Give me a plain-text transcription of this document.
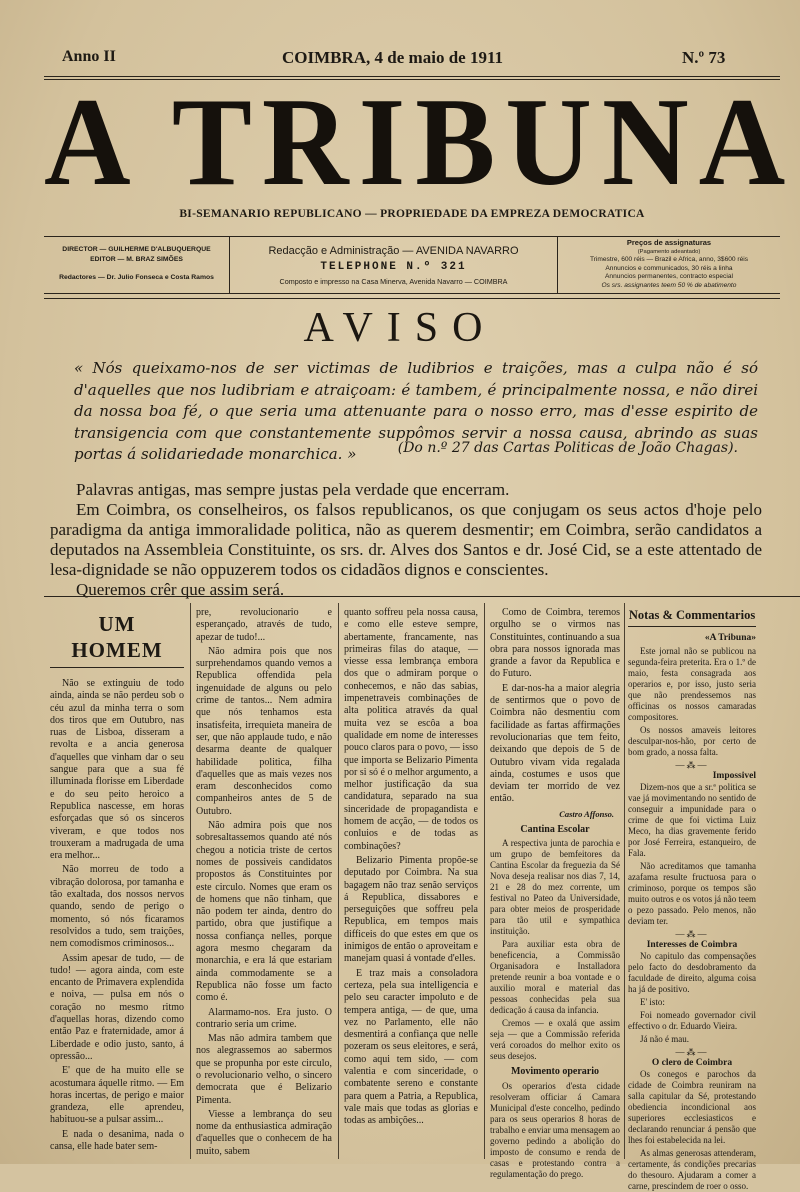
Anno II	COIMBRA, 4 de maio de 1911	N.º 73
A TRIBUNA
BI-SEMANARIO REPUBLICANO — PROPRIEDADE DA EMPREZA DEMOCRATICA
DIRECTOR — GUILHERME D'ALBUQUERQUE
EDITOR — M. BRAZ SIMÕES
Redactores — Dr. Julio Fonseca e Costa Ramos
Redacção e Administração — AVENIDA NAVARRO
TELEPHONE N.º 321
Composto e impresso na Casa Minerva, Avenida Navarro — COIMBRA
Preços de assignaturas
(Pagamento adeantado)
Trimestre, 600 réis — Brazil e Africa, anno, 3$600 réis
Annuncios e communicados, 30 réis a linha
Annuncios permanentes, contracto especial
Os srs. assignantes teem 50 % de abatimento
AVISO
« Nós queixamo-nos de ser victimas de ludibrios e traições, mas a culpa não é só d'aquelles que nos ludibriam e atraiçoam: é tambem, é principalmente nossa, e não direi da nossa boa fé, o que seria uma attenuante para o nosso erro, mas d'esse espirito de transigencia com que constantemente suppômos servir a nossa causa, abrindo as suas portas á solidariedade monarchica. »	(Do n.º 27 das Cartas Politicas de João Chagas).

Palavras antigas, mas sempre justas pela verdade que encerram.

Em Coimbra, os conselheiros, os falsos republicanos, os que conjugam os seus actos d'hoje pelo paradigma da antiga immoralidade politica, não as querem desmentir; em Coimbra, serão candidatos a deputados na Assembleia Constituinte, os srs. dr. Alves dos Santos e dr. José Cid, se a este attentado de lesa-dignidade se não oppuzerem todos os cidadãos dignos e conscientes.

Queremos crêr que assim será.

UM HOMEM

Não se extinguiu de todo ainda, ainda se não perdeu sob o céu azul da minha terra o som dos tiros que em Outubro, nas ruas de Lisboa, disseram a revolta e a ancia generosa d'aquelles que vinham dar o seu sangue para que a sua fé illuminada florisse em Liberdade e do seu peito heroico a Republica nascesse, em horas esforçadas que só os sinceros viveram, e que todos nos trouxeram a madrugada de uma era melhor...

Não morreu de todo a vibração dolorosa, por tamanha e tão exaltada, dos nossos nervos quando, sendo de perigo o momento, só nós ficaramos resolvidos a tudo, sem traições, nem comodismos criminosos...

Assim apesar de tudo, — de tudo! — agora ainda, com este encanto de Primavera explendida e noiva, — pulsa em nós o coração no mesmo ritmo d'aquellas horas, dizendo como então Paz e fraternidade, amor á Liberdade e odio justo, santo, á opressão...

E' que de ha muito elle se acostumara áquelle ritmo. — Em horas incertas, de perigo e maior grandeza, elle aprendeu, habituou-se a pulsar assim...

E nada o desanima, nada o cansa, elle hade bater sem-

pre, revolucionario e esperançado, através de tudo, apezar de tudo!...

Não admira pois que nos surprehendamos quando vemos a Republica offendida pela ingenuidade de alguns ou pelo crime de tantos... Nem admira que nós tenhamos esta insatisfeita, irrequieta maneira de ser, que não applaude tudo, e não desarma deante de qualquer habilidade politica, filha d'aquelles que as mais vezes nos eram desconhecidos como companheiros antes de 5 de Outubro.

Não admira pois que nos sobresaltassemos quando até nós chegou a noticia triste de certos nomes de possiveis candidatos propostos ás Constituintes por este circulo. Nomes que eram os de homens que não tinham, que não podem ter ainda, dentro do partido, obra que justifique a nossa confiança nelles, porque agora mesmo chegaram da monarchia, e era lá que estariam ainda commodamente se a Republica não fosse um facto como é.

Alarmamo-nos. Era justo. O contrario seria um crime.

Mas não admira tambem que nos alegrassemos ao sabermos que se propunha por este circulo, o revolucionario velho, o sincero democrata que é Belizario Pimenta.

Viesse a lembrança do seu nome da enthusiastica admiração d'aquelles que o conhecem de ha muito, sabem

quanto soffreu pela nossa causa, e como elle esteve sempre, abertamente, francamente, nas primeiras filas do ataque, — viesse essa lembrança embora dos que o admiram porque o conhecemos, e não das sabias, impenetraveis combinações de alta politica através da qual muita vez se escôa a boa qualidade em nome de interesses pouco claros para o povo, — isso que importa se Belizario Pimenta por si só é o melhor argumento, a melhor justificação da sua candidatura, separado na sua sinceridade de propagandista e homem de acção, — de todos os conluios e de todas as combinações?

Belizario Pimenta propõe-se deputado por Coimbra. Na sua bagagem não traz senão serviços á Republica, dissabores e perseguições que soffreu pela Republica, em tempos mais difficeis do que estes em que os inimigos de então o aproveitam e manejam quasi á vontade d'elles.

E traz mais a consoladora certeza, pela sua intelligencia e pelo seu caracter impoluto e de tempera antiga, — de que, uma vez no Parlamento, elle não desmentirá a confiança que nelle pozeram os seus eleitores, e será, como aqui tem sido, — com valentia e com sinceridade, o combatente sereno e constante para quem a Patria, a Republica, vale mais que todas as glorias e todas as ambições...

Como de Coimbra, teremos orgulho se o virmos nas Constituintes, continuando a sua obra para nossos ignorada mas grande a favor da Republica e do Futuro.

E dar-nos-ha a maior alegria de sentirmos que o povo de Coimbra não desmentiu com facilidade as fartas affirmações revolucionarias que tem feito, deixando que depois de 5 de Outubro vivam vida regalada ainda, costumes e usos que deviam ter morrido de vez então.

Castro Affonso.
Cantina Escolar

A respectiva junta de parochia e um grupo de bemfeitores da Cantina Escolar da freguezia da Sé Nova deseja realisar nos dias 7, 14, 21 e 28 do mez corrente, um festival no Pateo da Universidade, para obter meios de prosperidade para tão util e sympathica instituição.

Para auxiliar esta obra de beneficencia, a Commissão Organisadora e Installadora pretende reunir a boa vontade e o auxilio moral e material das pessoas conhecidas pela sua dedicação á causa da infancia.

Cremos — e oxalá que assim seja — que a Commissão referida verá coroados do melhor exito os seus desejos.

Movimento operario

Os operarios d'esta cidade resolveram officiar á Camara Municipal d'este concelho, pedindo para os seus operarios 8 horas de trabalho e enviar uma mensagem ao governo pedindo a abolição do imposto de consumo e renda de casas e protestando contra a regulamentação do prego.

Notas & Commentarios
«A Tribuna»

Este jornal não se publicou na segunda-feira preterita. Era o 1.º de maio, festa consagrada aos operarios e, por isso, justo seria que não prendessemos nas officinas os nossos camaradas compositores.

Os nossos amaveis leitores desculpar-nos-hão, por certo de bom grado, a nossa falta.

—⁂—
Impossivel

Dizem-nos que a sr.ª politica se vae já movimentando no sentido de conseguir a impunidade para o crime de que foi victima Luiz Meco, ha dias gravemente ferido por José Ferreira, estanqueiro, de Fala.

Não acreditamos que tamanha azafama resulte fructuosa para o criminoso, porque os tempos são muito outros e os votos já não teem o pezo passado. Pelo menos, não deviam ter.

—⁂—
Interesses de Coimbra

No capitulo das compensações pelo facto do desdobramento da faculdade de direito, alguma coisa ha já de positivo.

E' isto:

Foi nomeado governador civil effectivo o dr. Eduardo Vieira.

Já não é mau.

—⁂—
O clero de Coimbra

Os conegos e parochos da cidade de Coimbra reuniram na salla capitular da Sé, protestando obediencia incondicional aos superiores ecclesiasticos e declarando renunciar á pensão que lhes foi estabelecida na lei.

As almas generosas attenderam, certamente, ás condições precarias do thesouro. Ajudaram a comer a carne, prescindem de roer o osso.
